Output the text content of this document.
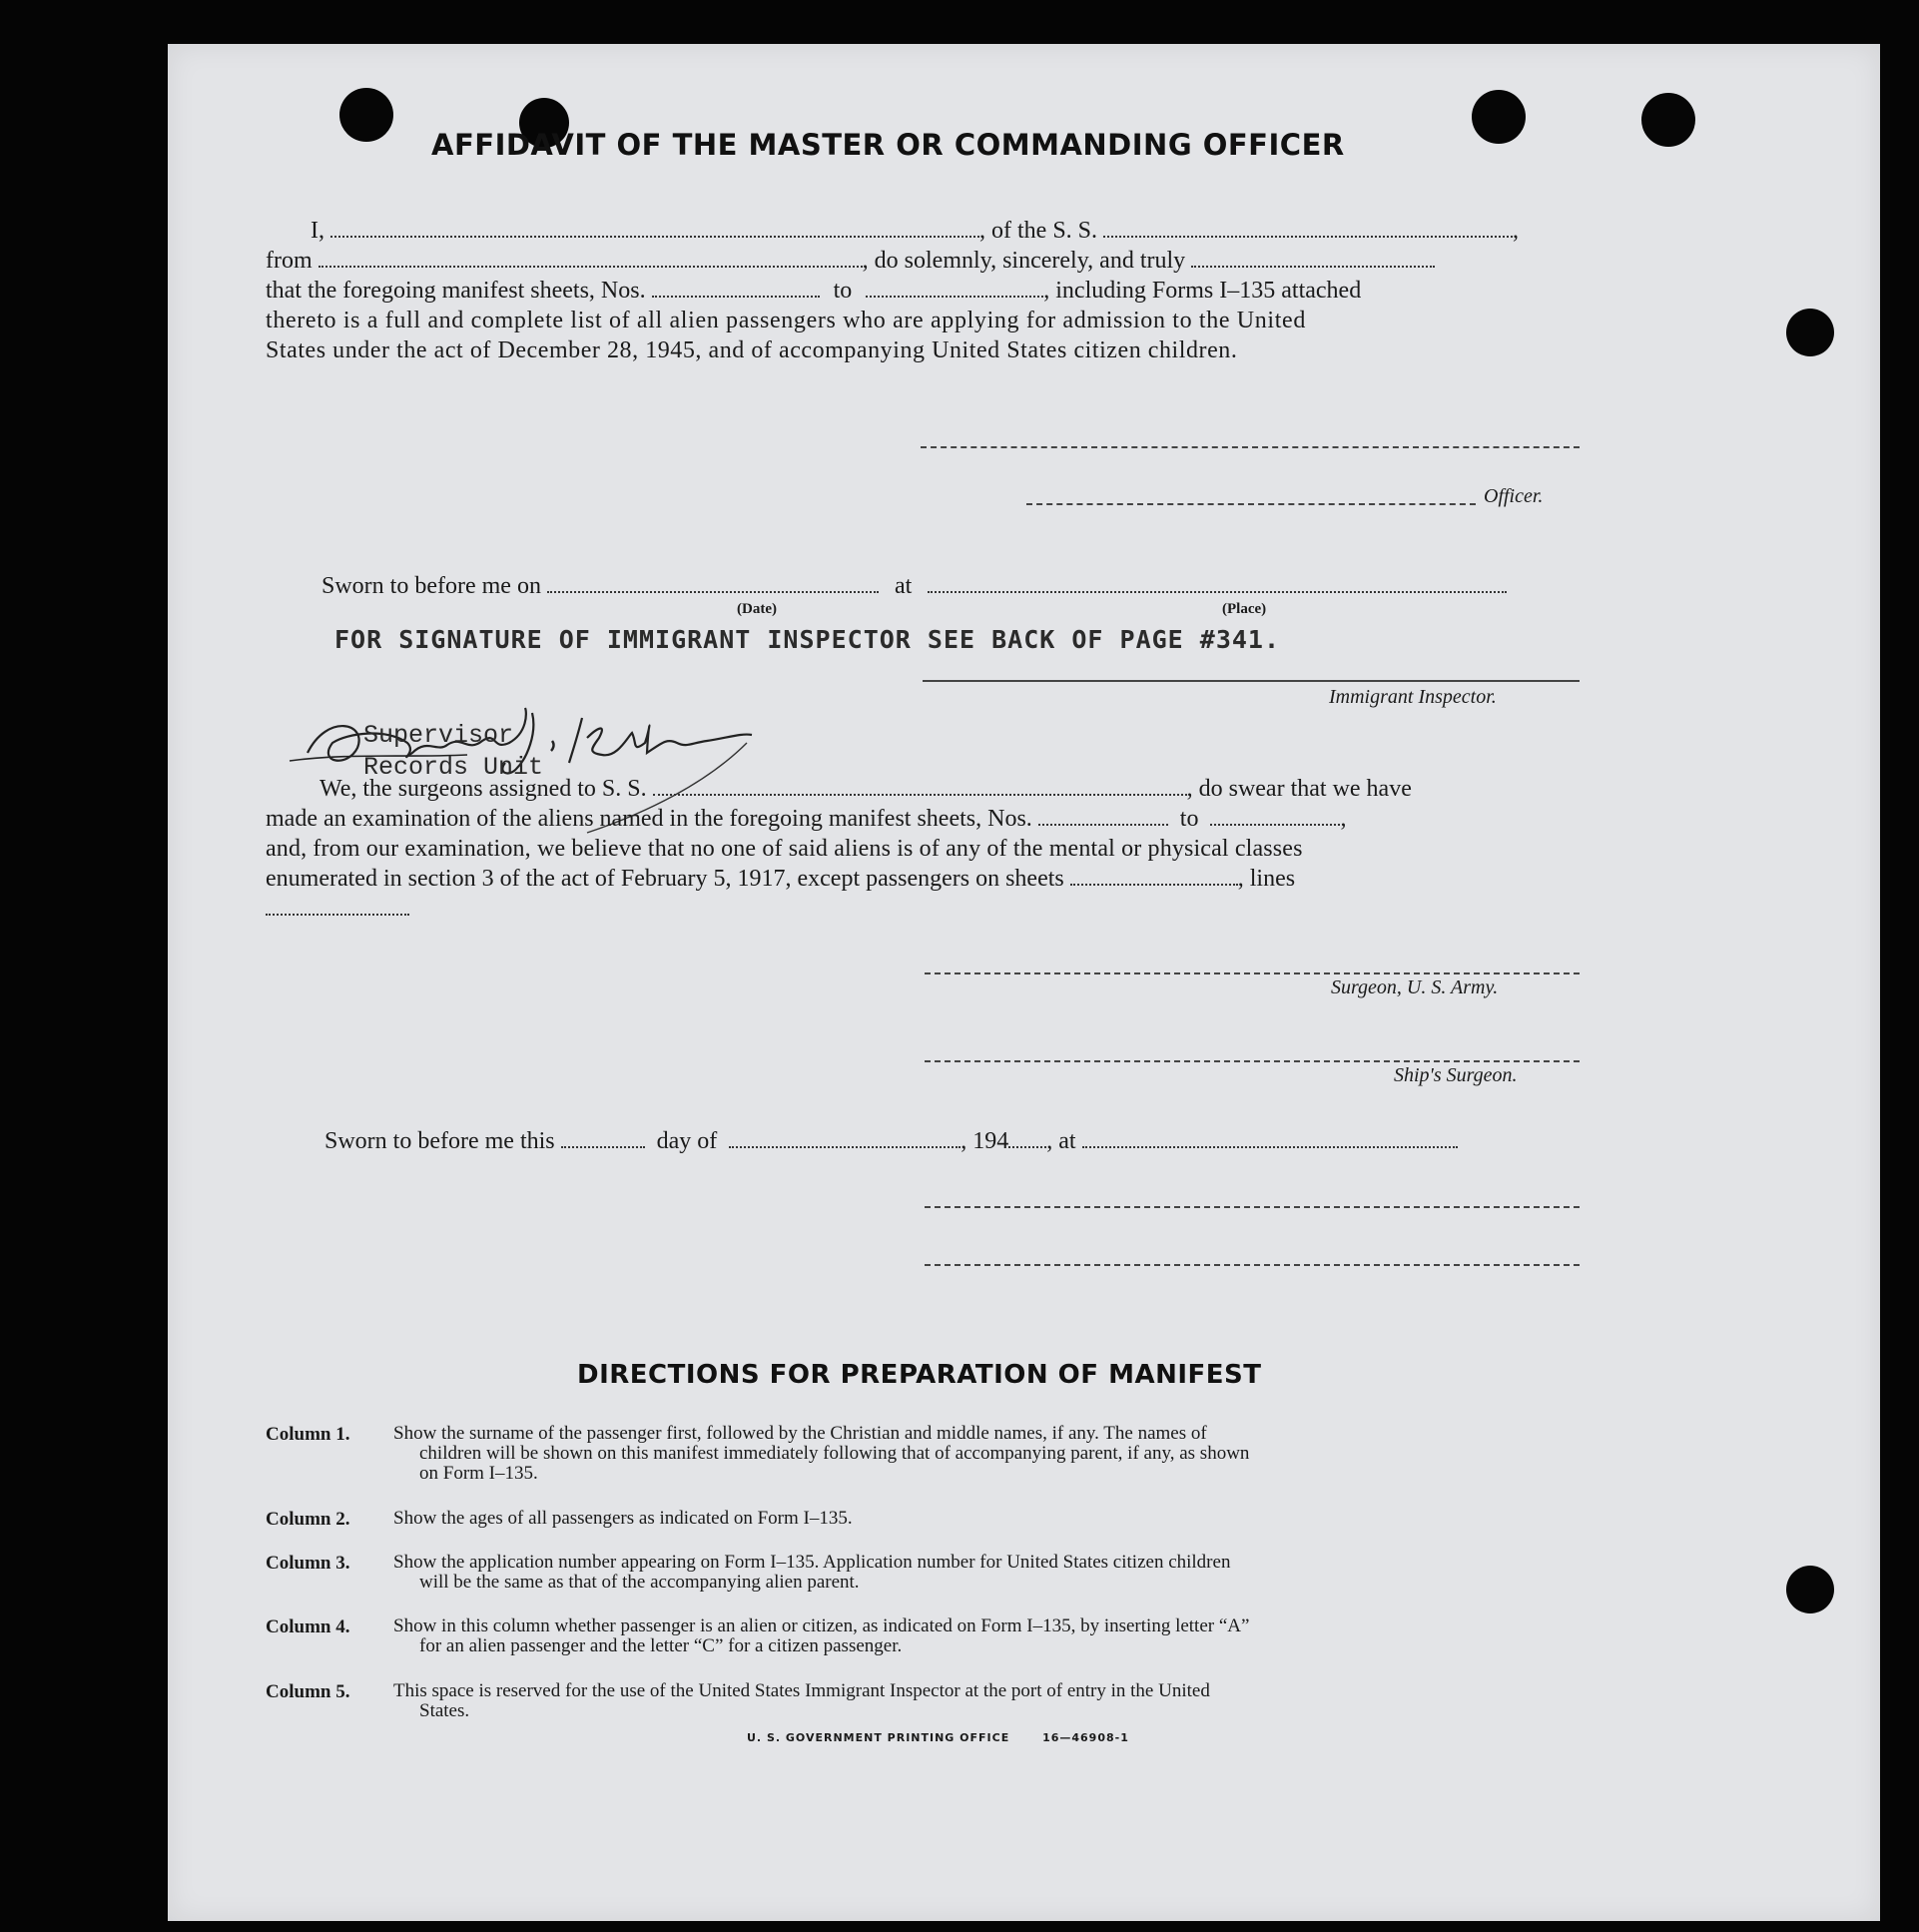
AFFIDAVIT OF THE MASTER OR COMMANDING OFFICER
I,	, of the S. S.	,
from	, do solemnly, sincerely, and truly
that the foregoing manifest sheets, Nos.	to	, including Forms I–135 attached
thereto is a full and complete list of all alien passengers who are applying for admission to the United
States under the act of December 28, 1945, and of accompanying United States citizen children.
Officer.
Sworn to before me on	at
(Date)	(Place)
FOR SIGNATURE OF IMMIGRANT INSPECTOR SEE BACK OF PAGE #341.
Immigrant Inspector.
Supervisor
Records Unit
We, the surgeons assigned to S. S.	, do swear that we have
made an examination of the aliens named in the foregoing manifest sheets, Nos.	to	,
and, from our examination, we believe that no one of said aliens is of any of the mental or physical classes
enumerated in section 3 of the act of February 5, 1917, except passengers on sheets	, lines
Surgeon, U. S. Army.
Ship's Surgeon.
Sworn to before me this	day of	, 194 , at
DIRECTIONS FOR PREPARATION OF MANIFEST
Column 1. Show the surname of the passenger first, followed by the Christian and middle names, if any. The names of
children will be shown on this manifest immediately following that of accompanying parent, if any, as shown
on Form I–135.
Column 2. Show the ages of all passengers as indicated on Form I–135.
Column 3. Show the application number appearing on Form I–135. Application number for United States citizen children
will be the same as that of the accompanying alien parent.
Column 4. Show in this column whether passenger is an alien or citizen, as indicated on Form I–135, by inserting letter “A”
for an alien passenger and the letter “C” for a citizen passenger.
Column 5. This space is reserved for the use of the United States Immigrant Inspector at the port of entry in the United
States.
U. S. GOVERNMENT PRINTING OFFICE	16—46908-1
